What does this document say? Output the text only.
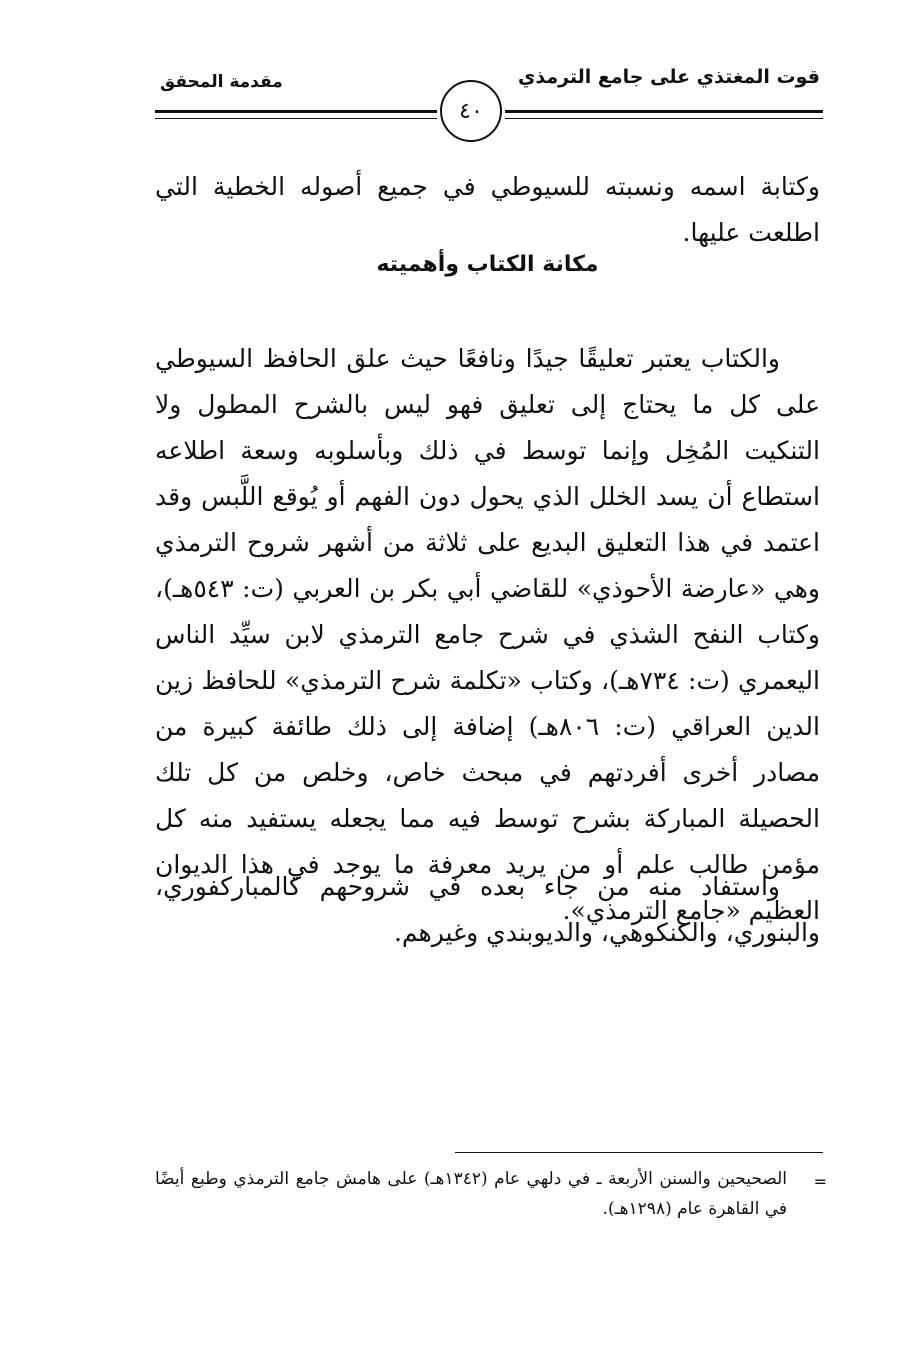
قوت المغتذي على جامع الترمذي
مقدمة المحقق
٤٠

وكتابة اسمه ونسبته للسيوطي في جميع أصوله الخطية التي اطلعت عليها.

مكانة الكتاب وأهميته

والكتاب يعتبر تعليقًا جيدًا ونافعًا حيث علق الحافظ السيوطي على كل ما يحتاج إلى تعليق فهو ليس بالشرح المطول ولا التنكيت المُخِل وإنما توسط في ذلك وبأسلوبه وسعة اطلاعه استطاع أن يسد الخلل الذي يحول دون الفهم أو يُوقع اللَّبس وقد اعتمد في هذا التعليق البديع على ثلاثة من أشهر شروح الترمذي وهي «عارضة الأحوذي» للقاضي أبي بكر بن العربي (ت: ٥٤٣هـ)، وكتاب النفح الشذي في شرح جامع الترمذي لابن سيِّد الناس اليعمري (ت: ٧٣٤هـ)، وكتاب «تكلمة شرح الترمذي» للحافظ زين الدين العراقي (ت: ٨٠٦هـ) إضافة إلى ذلك طائفة كبيرة من مصادر أخرى أفردتهم في مبحث خاص، وخلص من كل تلك الحصيلة المباركة بشرح توسط فيه مما يجعله يستفيد منه كل مؤمن طالب علم أو من يريد معرفة ما يوجد في هذا الديوان العظيم «جامع الترمذي».

واستفاد منه من جاء بعده في شروحهم كالمباركفوري، والبنوري، والكنكوهي، والديوبندي وغيرهم.

=

الصحيحين والسنن الأربعة ـ في دلهي عام (١٣٤٢هـ) على هامش جامع الترمذي وطبع أيضًا في القاهرة عام (١٢٩٨هـ).
